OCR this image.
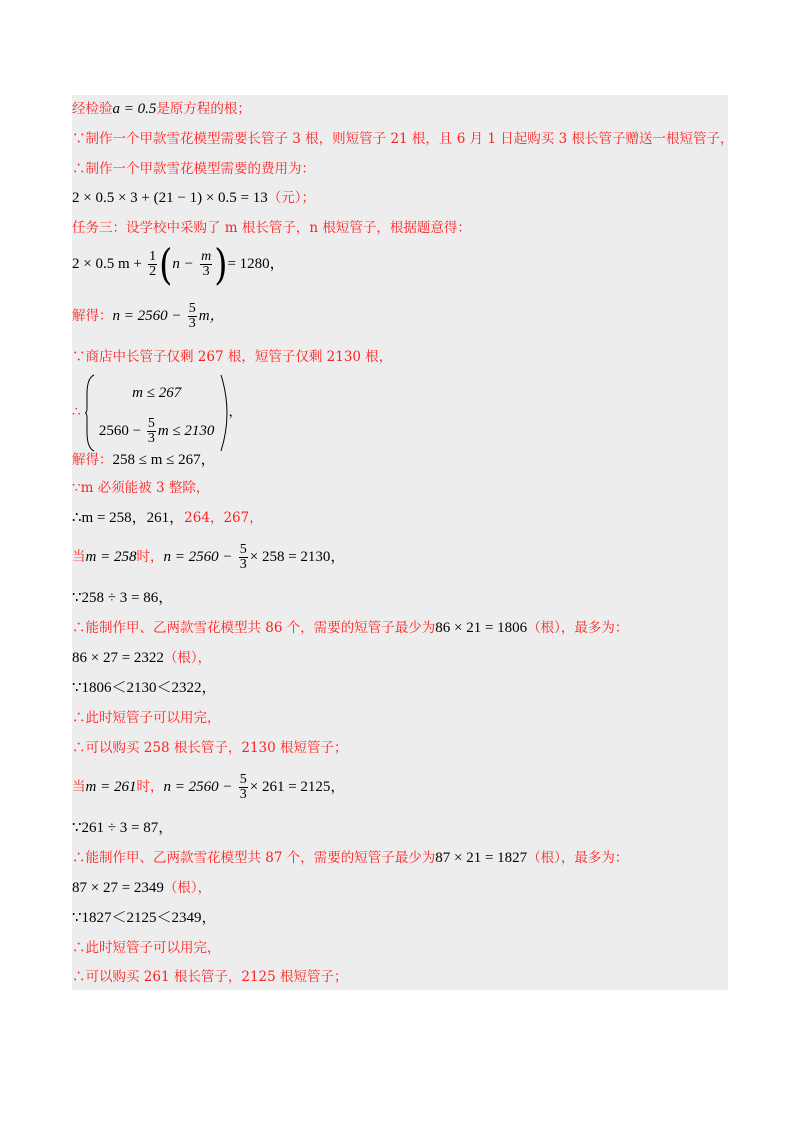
经检验a = 0.5是原方程的根；
∵制作一个甲款雪花模型需要长管子 3 根，则短管子 21 根，且 6 月 1 日起购买 3 根长管子赠送一根短管子，
∴制作一个甲款雪花模型需要的费用为：
2 × 0.5 × 3 + (21 − 1) × 0.5 = 13（元）；
任务三：设学校中采购了 m 根长管子，n 根短管子，根据题意得：
2 × 0.5 $m + \frac{1}{2} (n - \frac{m}{3}$ )= 1280，
解得：$n = 2560 - \frac{5}{3}$ m，
∵商店中长管子仅剩 267 根，短管子仅剩 2130 根，
∴
m ≤ 267
$2560 - \frac{5}{3}$ m ≤ 2130
，
解得：258 ≤ m ≤ 267，
∵m 必须能被 3 整除，
∴m = 258，261，264，267，
当m = 258时，$n = 2560 - \frac{5}{3} \times 258 = 2130$，
∵258 ÷ 3 = 86，
∴能制作甲、乙两款雪花模型共 86 个，需要的短管子最少为86 × 21 = 1806（根），最多为：
86 × 27 = 2322（根），
∵1806＜2130＜2322，
∴此时短管子可以用完，
∴可以购买 258 根长管子，2130 根短管子；
当m = 261时，$n = 2560 - \frac{5}{3} \times 261 = 2125$，
∵261 ÷ 3 = 87，
∴能制作甲、乙两款雪花模型共 87 个，需要的短管子最少为87 × 21 = 1827（根），最多为：
87 × 27 = 2349（根），
∵1827＜2125＜2349，
∴此时短管子可以用完，
∴可以购买 261 根长管子，2125 根短管子；
